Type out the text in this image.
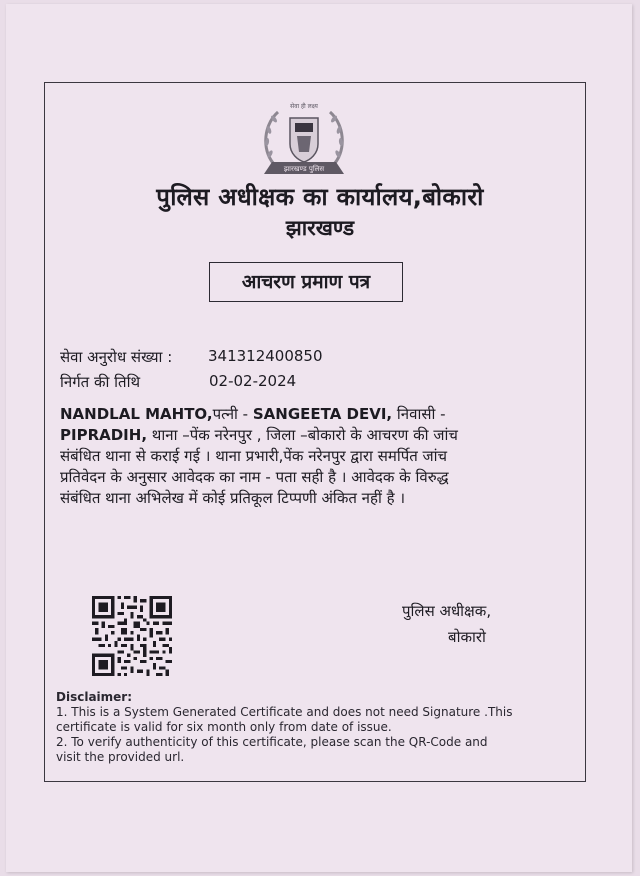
झारखण्ड पुलिस
सेवा ही लक्ष्य
पुलिस अधीक्षक का कार्यालय,बोकारो
झारखण्ड
आचरण प्रमाण पत्र
सेवा अनुरोध संख्या : 341312400850
निर्गत की तिथि	02-02-2024
NANDLAL MAHTO,पत्नी - SANGEETA DEVI, निवासी -
PIPRADIH, थाना –पेंक नरेनपुर , जिला –बोकारो के आचरण की जांच
संबंधित थाना से कराई गई । थाना प्रभारी,पेंक नरेनपुर द्वारा समर्पित जांच
प्रतिवेदन के अनुसार आवेदक का नाम - पता सही है । आवेदक के विरुद्ध
संबंधित थाना अभिलेख में कोई प्रतिकूल टिप्पणी अंकित नहीं है ।
पुलिस अधीक्षक,
बोकारो
Disclaimer:
1. This is a System Generated Certificate and does not need Signature .This
certificate is valid for six month only from date of issue.
2. To verify authenticity of this certificate, please scan the QR-Code and
visit the provided url.
